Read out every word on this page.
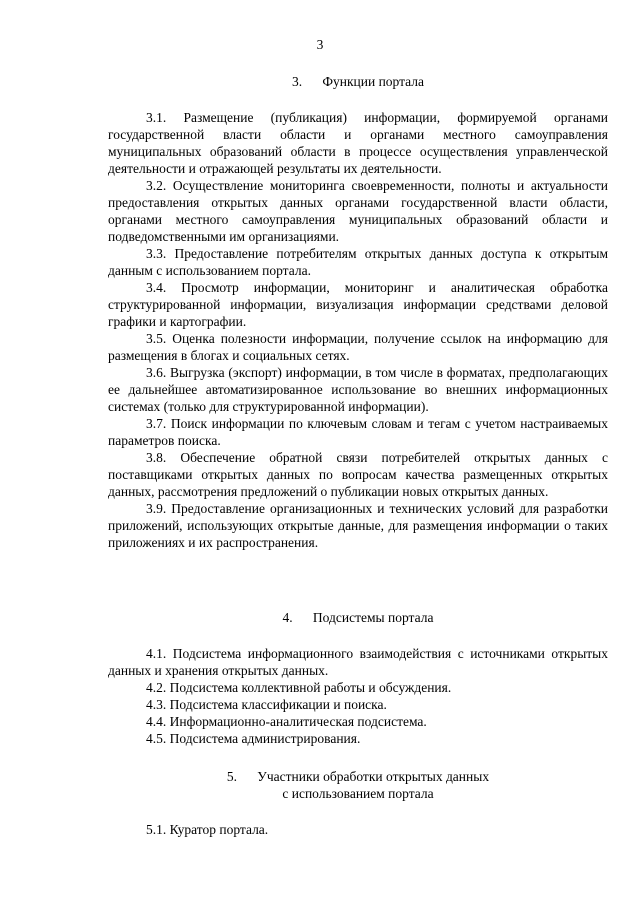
3
3.      Функции портала

3.1. Размещение (публикация) информации, формируемой органами государственной власти области и органами местного самоуправления муниципальных образований области в процессе осуществления управленческой деятельности и отражающей результаты их деятельности.

3.2. Осуществление мониторинга своевременности, полноты и актуальности предоставления открытых данных органами государственной власти области, органами местного самоуправления муниципальных образований области и подведомственными им организациями.

3.3. Предоставление потребителям открытых данных доступа к открытым данным с использованием портала.

3.4. Просмотр информации, мониторинг и аналитическая обработка структурированной информации, визуализация информации средствами деловой графики и картографии.

3.5. Оценка полезности информации, получение ссылок на информацию для размещения в блогах и социальных сетях.

3.6. Выгрузка (экспорт) информации, в том числе в форматах, предполагающих ее дальнейшее автоматизированное использование во внешних информационных системах (только для структурированной информации).

3.7. Поиск информации по ключевым словам и тегам с учетом настраиваемых параметров поиска.

3.8. Обеспечение обратной связи потребителей открытых данных с поставщиками открытых данных по вопросам качества размещенных открытых данных, рассмотрения предложений о публикации новых открытых данных.

3.9. Предоставление организационных и технических условий для разработки приложений, использующих открытые данные, для размещения информации о таких приложениях и их распространения.

4.      Подсистемы портала

4.1. Подсистема информационного взаимодействия с источниками открытых данных и хранения открытых данных.

4.2. Подсистема коллективной работы и обсуждения.

4.3. Подсистема классификации и поиска.

4.4. Информационно-аналитическая подсистема.

4.5. Подсистема администрирования.

5.      Участники обработки открытых данных
с использованием портала

5.1. Куратор портала.
